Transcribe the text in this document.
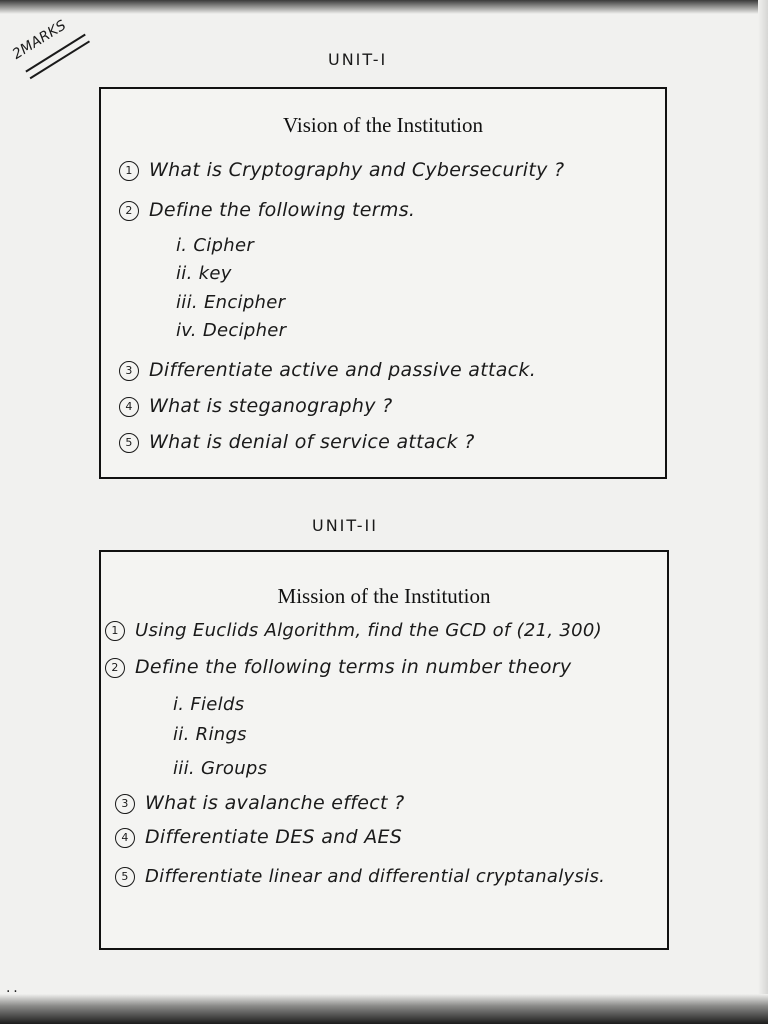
2MARKS	UNIT-I
Vision of the Institution
1 What is Cryptography and Cybersecurity ?
2 Define the following terms.
i. Cipher
ii. key
iii. Encipher
iv. Decipher
3 Differentiate active and passive attack.
4 What is steganography ?
5 What is denial of service attack ?
UNIT-II
Mission of the Institution
1 Using Euclids Algorithm, find the GCD of (21, 300)
2 Define the following terms in number theory
i. Fields
ii. Rings
iii. Groups
3 What is avalanche effect ?
4 Differentiate DES and AES
5 Differentiate linear and differential cryptanalysis.
. .
